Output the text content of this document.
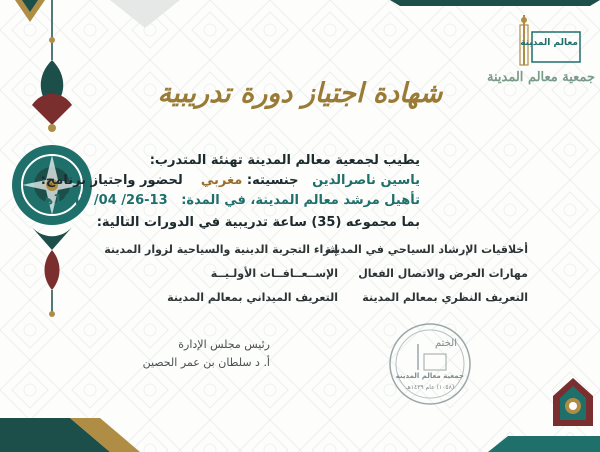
معالم المدينة
جمعية معالم المدينة
شهادة اجتياز دورة تدريبية
يطيب لجمعية معالم المدينة تهنئة المتدرب:
ياسين ناصرالدين   جنسيته: مغربي    لحضور واجتياز برنامج:
تأهيل مرشد معالم المدينة، في المدة:   13-26/ 04/ 1447هـ
بما مجموعه (35) ساعة تدريبية في الدورات التالية:
أخلاقيات الإرشاد السياحي في المدينة
مهارات العرض والاتصال الفعال
التعريف النظري بمعالم المدينة
إثراء التجربة الدينية والسياحية لزوار المدينة
الإســعــافــات الأولـيــة
التعريف الميداني بمعالم المدينة
رئيس مجلس الإدارة
أ. د سلطان بن عمر الحصين
الختم
جمعية معالم المدينة
(١٠٥٨) عام ١٤٣٩هـ
